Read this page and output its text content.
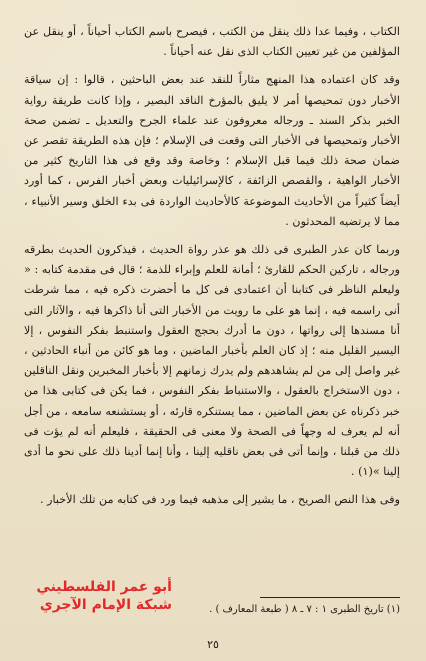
الكتاب ، وفيما عدا ذلك ينقل من الكتب ، فيصرح باسم الكتاب أحياناً ، أو ينقل عن المؤلفين من غير تعيين الكتاب الذى نقل عنه أحياناً .

وقد كان اعتماده هذا المنهج مثاراً للنقد عند بعض الباحثين ، قالوا : إن سياقة الأخبار دون تمحيصها أمر لا يليق بالمؤرخ الناقد البصير ، وإذا كانت طريقة رواية الخبر بذكر السند ـ ورجاله معروفون عند علماء الجرح والتعديل ـ تضمن صحة الأخبار وتمحيصها فى الأخبار التى وقعت فى الإسلام ؛ فإن هذه الطريقة تقصر عن ضمان صحة ذلك فيما قبل الإسلام ؛ وخاصة وقد وقع فى هذا التاريخ كثير من الأخبار الواهية ، والقصص الزائفة ، كالإسرائيليات وبعض أخبار الفرس ، كما أورد أيضاً كثيراً من الأحاديث الموضوعة كالأحاديث الواردة فى بدء الخلق وسير الأنبياء ، مما لا يرتضيه المحدثون .

وربما كان عذر الطبرى فى ذلك هو عذر رواة الحديث ، فيذكرون الحديث بطرقه ورجاله ، تاركين الحكم للقارئ ؛ أمانة للعلم وإبراء للذمة ؛ قال فى مقدمة كتابه : « وليعلم الناظر فى كتابنا أن اعتمادى فى كل ما أحضرت ذكره فيه ، مما شرطت أنى راسمه فيه ، إنما هو على ما رويت من الأخبار التى أنا ذاكرها فيه ، والآثار التى أنا مسندها إلى رواتها ، دون ما أدرك بحجج العقول واستنبط بفكر النفوس ، إلا اليسير القليل منه ؛ إذ كان العلم بأخبار الماضين ، وما هو كائن من أنباء الحادثين ، غير واصل إلى من لم يشاهدهم ولم يدرك زمانهم إلا بأخبار المخبرين ونقل الناقلين ، دون الاستخراج بالعقول ، والاستنباط بفكر النفوس ، فما يكن فى كتابى هذا من خبر ذكرناه عن بعض الماضين ، مما يستنكره قارئه ، أو يستشنعه سامعه ، من أجل أنه لم يعرف له وجهاً فى الصحة ولا معنى فى الحقيقة ، فليعلم أنه لم يؤت فى ذلك من قبلنا ، وإنما أتى فى بعض ناقليه إلينا ، وأنا إنما أدينا ذلك على نحو ما أدى إلينا »(١) .

وفى هذا النص الصريح ، ما يشير إلى مذهبه فيما ورد فى كتابه من تلك الأخبار .

(١) تاريخ الطبرى ١ : ٧ ـ ٨ ( طبعة المعارف ) .
أبو عمر الفلسطيني
شبكة الإمام الآجري
٢٥
